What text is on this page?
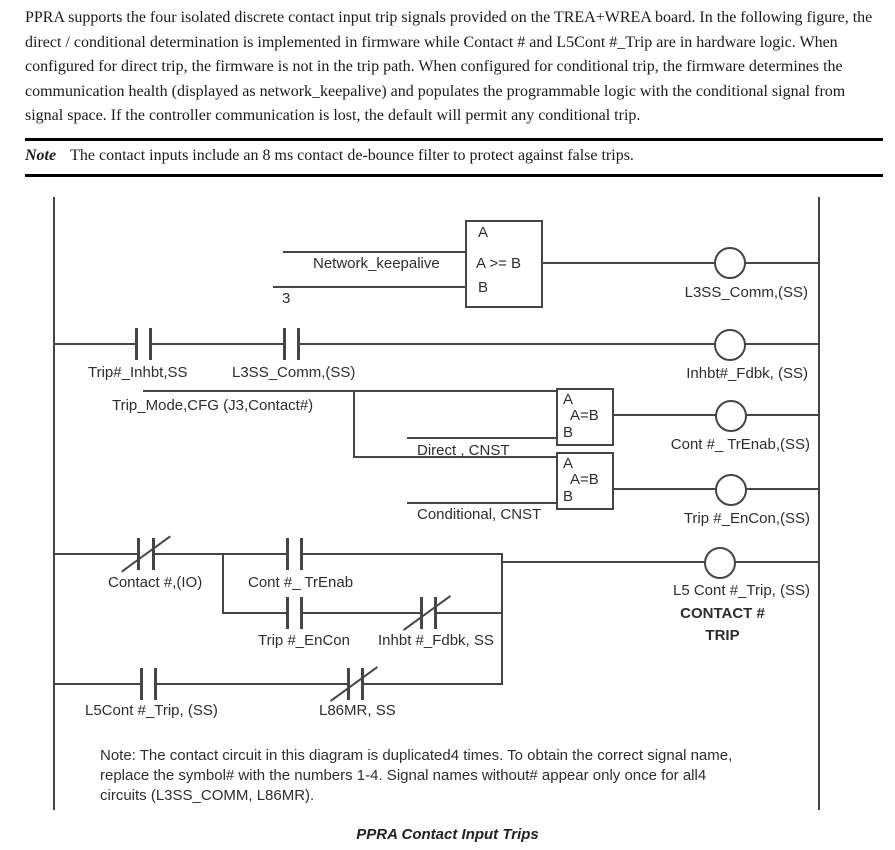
PPRA supports the four isolated discrete contact input trip signals provided on the TREA+WREA board. In the following figure, the direct / conditional determination is implemented in firmware while Contact # and L5Cont #_Trip are in hardware logic. When configured for direct trip, the firmware is not in the trip path. When configured for conditional trip, the firmware determines the communication health (displayed as network_keepalive) and populates the programmable logic with the conditional signal from signal space. If the controller communication is lost, the default will permit any conditional trip.
Note The contact inputs include an 8 ms contact de-bounce filter to protect against false trips.
Network_keepalive
3
A
A >= B
B	L3SS_Comm,(SS)
Trip#_Inhbt,SS	L3SS_Comm,(SS)	Inhbt#_Fdbk, (SS)
Trip_Mode,CFG (J3,Contact#)
Direct , CNST
A
A=B
B
Cont #_ TrEnab,(SS)
A
A=B
B
Conditional, CNST	Trip #_EnCon,(SS)
Contact #,(IO)	Cont #_ TrEnab
Trip #_EnCon Inhbt #_Fdbk, SS
L5 Cont #_Trip, (SS)
CONTACT #
TRIP
L5Cont #_Trip, (SS)	L86MR, SS
Note: The contact circuit in this diagram is duplicated4 times. To obtain the correct signal name,
replace the symbol# with the numbers 1-4. Signal names without# appear only once for all4
circuits (L3SS_COMM, L86MR).
PPRA Contact Input Trips
